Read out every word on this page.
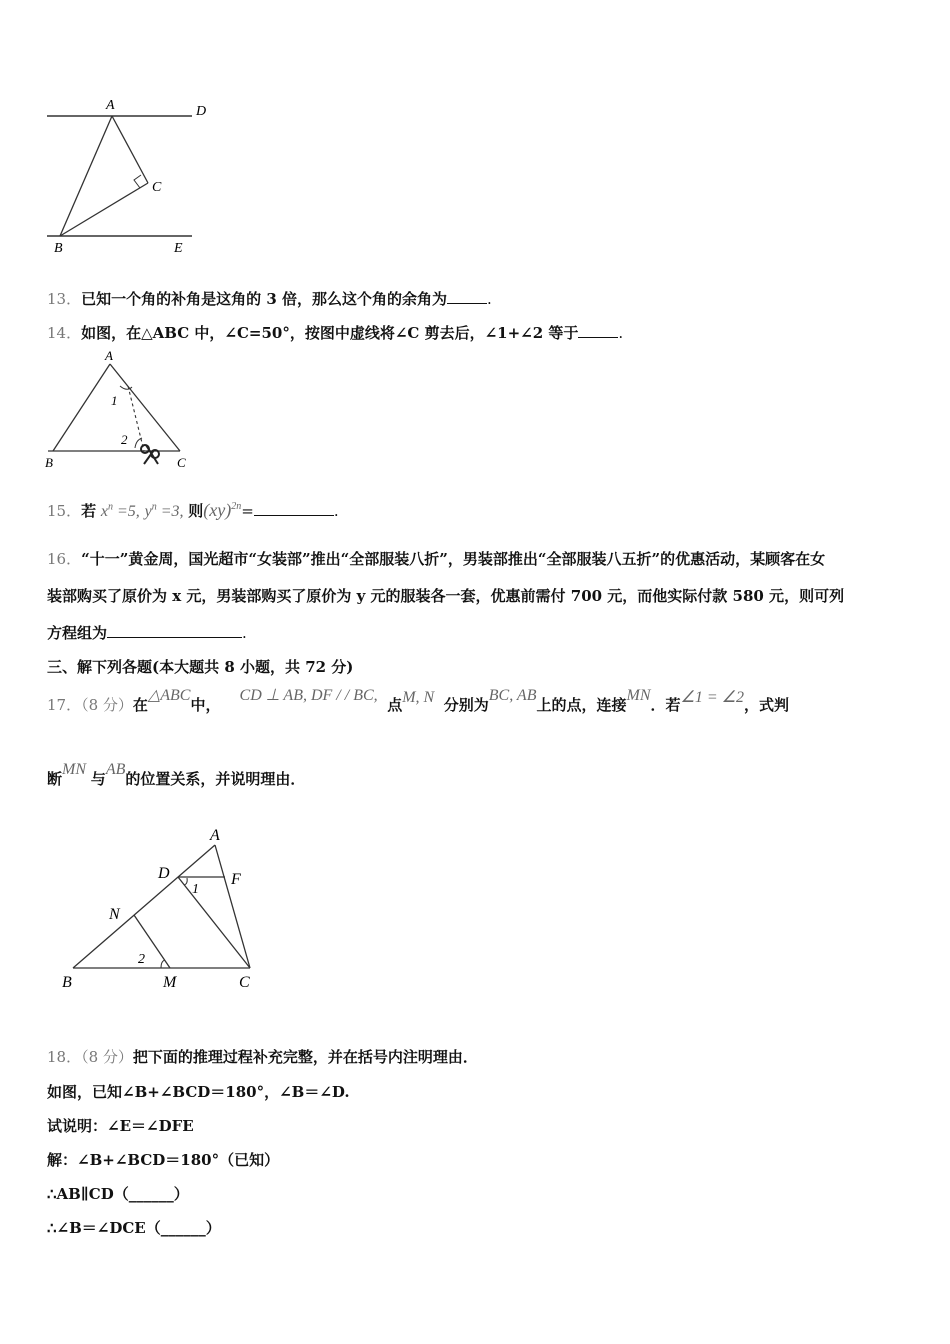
A	D
C
B	E
13．已知一个角的补角是这角的 3 倍，那么这个角的余角为	.
14．如图，在△ABC 中，∠C=50°，按图中虚线将∠C 剪去后，∠1+∠2 等于	.
A
1
2
B	C
15．若 $x^n =5$, $y^n =3$, 则(xy)$^{2n}$=	.
16．“十一”黄金周，国光超市“女装部”推出“全部服装八折”，男装部推出“全部服装八五折”的优惠活动，某顾客在女
装部购买了原价为 x 元，男装部购买了原价为 y 元的服装各一套，优惠前需付 700 元，而他实际付款 580 元，则可列
方程组为	.
三、解下列各题(本大题共 8 小题，共 72 分)
17．（8 分）在△ABC中，    CD ⊥ AB, DF / / BC,  点M, N 分别为BC, AB上的点，连接MN．若∠1 = ∠2，式判
断MN 与AB的位置关系，并说明理由．
A
D	F
1
N
2
B	M	C
18．（8 分）把下面的推理过程补充完整，并在括号内注明理由．
如图，已知∠B+∠BCD＝180°，∠B＝∠D.
试说明：∠E＝∠DFE
解：∠B+∠BCD＝180°（已知）
∴AB∥CD（______）
∴∠B＝∠DCE（______）
